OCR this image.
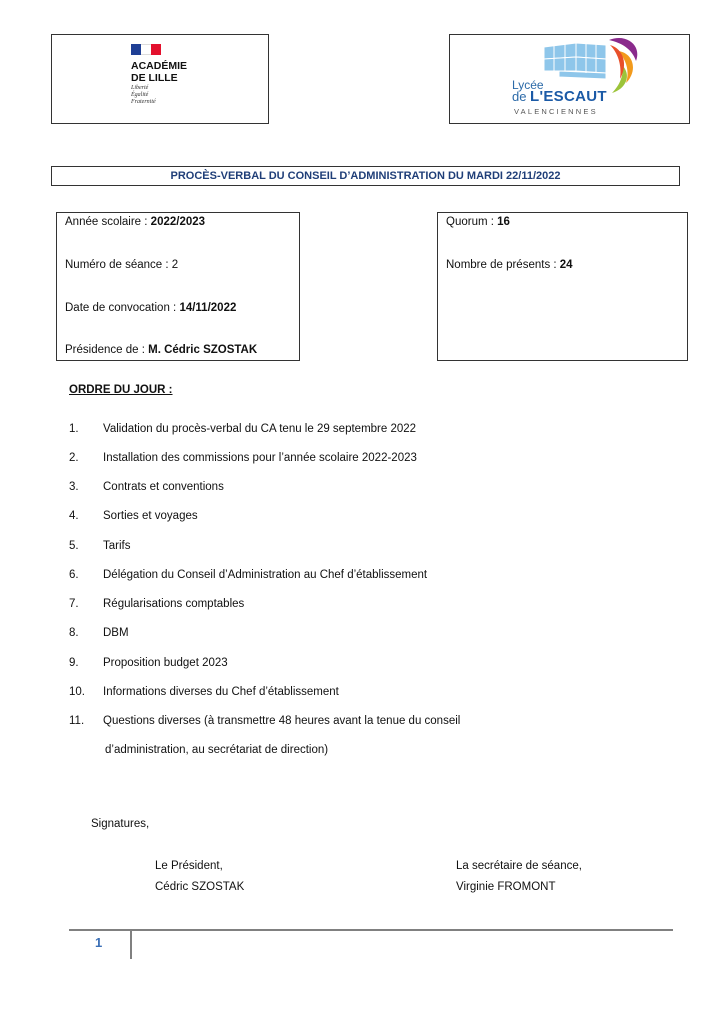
ACADÉMIE
DE LILLE
Liberté
Égalité
Fraternité
Lycée
de L'ESCAUT
VALENCIENNES
PROCÈS-VERBAL DU CONSEIL D’ADMINISTRATION DU MARDI 22/11/2022
Année scolaire : 2022/2023
Numéro de séance : 2
Date de convocation : 14/11/2022
Présidence de : M. Cédric SZOSTAK
Quorum : 16
Nombre de présents : 24
ORDRE DU JOUR :
1. Validation du procès-verbal du CA tenu le 29 septembre 2022
2. Installation des commissions pour l’année scolaire 2022-2023
3. Contrats et conventions
4. Sorties et voyages
5. Tarifs
6. Délégation du Conseil d’Administration au Chef d’établissement
7. Régularisations comptables
8. DBM
9. Proposition budget 2023
10. Informations diverses du Chef d’établissement
11. Questions diverses (à transmettre 48 heures avant la tenue du conseil
d’administration, au secrétariat de direction)
Signatures,
Le Président,
Cédric SZOSTAK
La secrétaire de séance,
Virginie FROMONT
1
